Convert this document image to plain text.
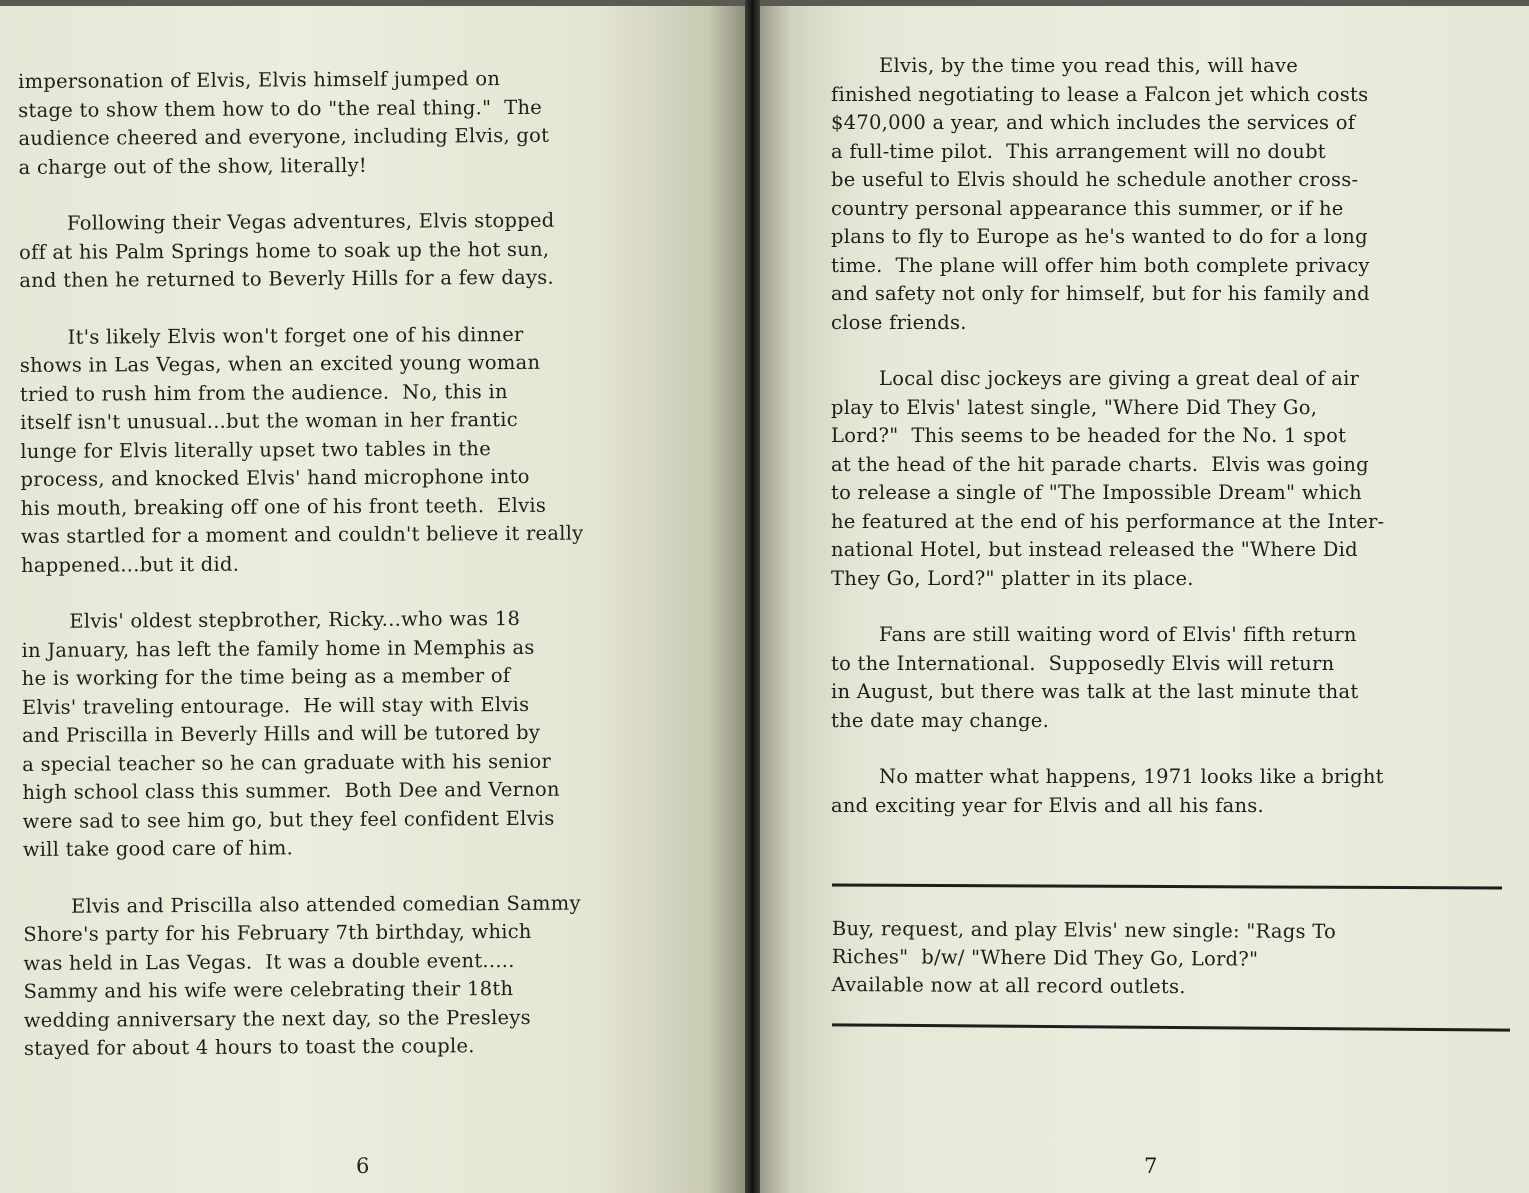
impersonation of Elvis, Elvis himself jumped on
stage to show them how to do "the real thing."  The
audience cheered and everyone, including Elvis, got
a charge out of the show, literally!
Following their Vegas adventures, Elvis stopped
off at his Palm Springs home to soak up the hot sun,
and then he returned to Beverly Hills for a few days.
It's likely Elvis won't forget one of his dinner
shows in Las Vegas, when an excited young woman
tried to rush him from the audience.  No, this in
itself isn't unusual...but the woman in her frantic
lunge for Elvis literally upset two tables in the
process, and knocked Elvis' hand microphone into
his mouth, breaking off one of his front teeth.  Elvis
was startled for a moment and couldn't believe it really
happened...but it did.
Elvis' oldest stepbrother, Ricky...who was 18
in January, has left the family home in Memphis as
he is working for the time being as a member of
Elvis' traveling entourage.  He will stay with Elvis
and Priscilla in Beverly Hills and will be tutored by
a special teacher so he can graduate with his senior
high school class this summer.  Both Dee and Vernon
were sad to see him go, but they feel confident Elvis
will take good care of him.
Elvis and Priscilla also attended comedian Sammy
Shore's party for his February 7th birthday, which
was held in Las Vegas.  It was a double event.....
Sammy and his wife were celebrating their 18th
wedding anniversary the next day, so the Presleys
stayed for about 4 hours to toast the couple.
6
Elvis, by the time you read this, will have
finished negotiating to lease a Falcon jet which costs
$470,000 a year, and which includes the services of
a full-time pilot.  This arrangement will no doubt
be useful to Elvis should he schedule another cross-
country personal appearance this summer, or if he
plans to fly to Europe as he's wanted to do for a long
time.  The plane will offer him both complete privacy
and safety not only for himself, but for his family and
close friends.
Local disc jockeys are giving a great deal of air
play to Elvis' latest single, "Where Did They Go,
Lord?"  This seems to be headed for the No. 1 spot
at the head of the hit parade charts.  Elvis was going
to release a single of "The Impossible Dream" which
he featured at the end of his performance at the Inter-
national Hotel, but instead released the "Where Did
They Go, Lord?" platter in its place.
Fans are still waiting word of Elvis' fifth return
to the International.  Supposedly Elvis will return
in August, but there was talk at the last minute that
the date may change.
No matter what happens, 1971 looks like a bright
and exciting year for Elvis and all his fans.
Buy, request, and play Elvis' new single: "Rags To
Riches"  b/w/ "Where Did They Go, Lord?"
Available now at all record outlets.
7
